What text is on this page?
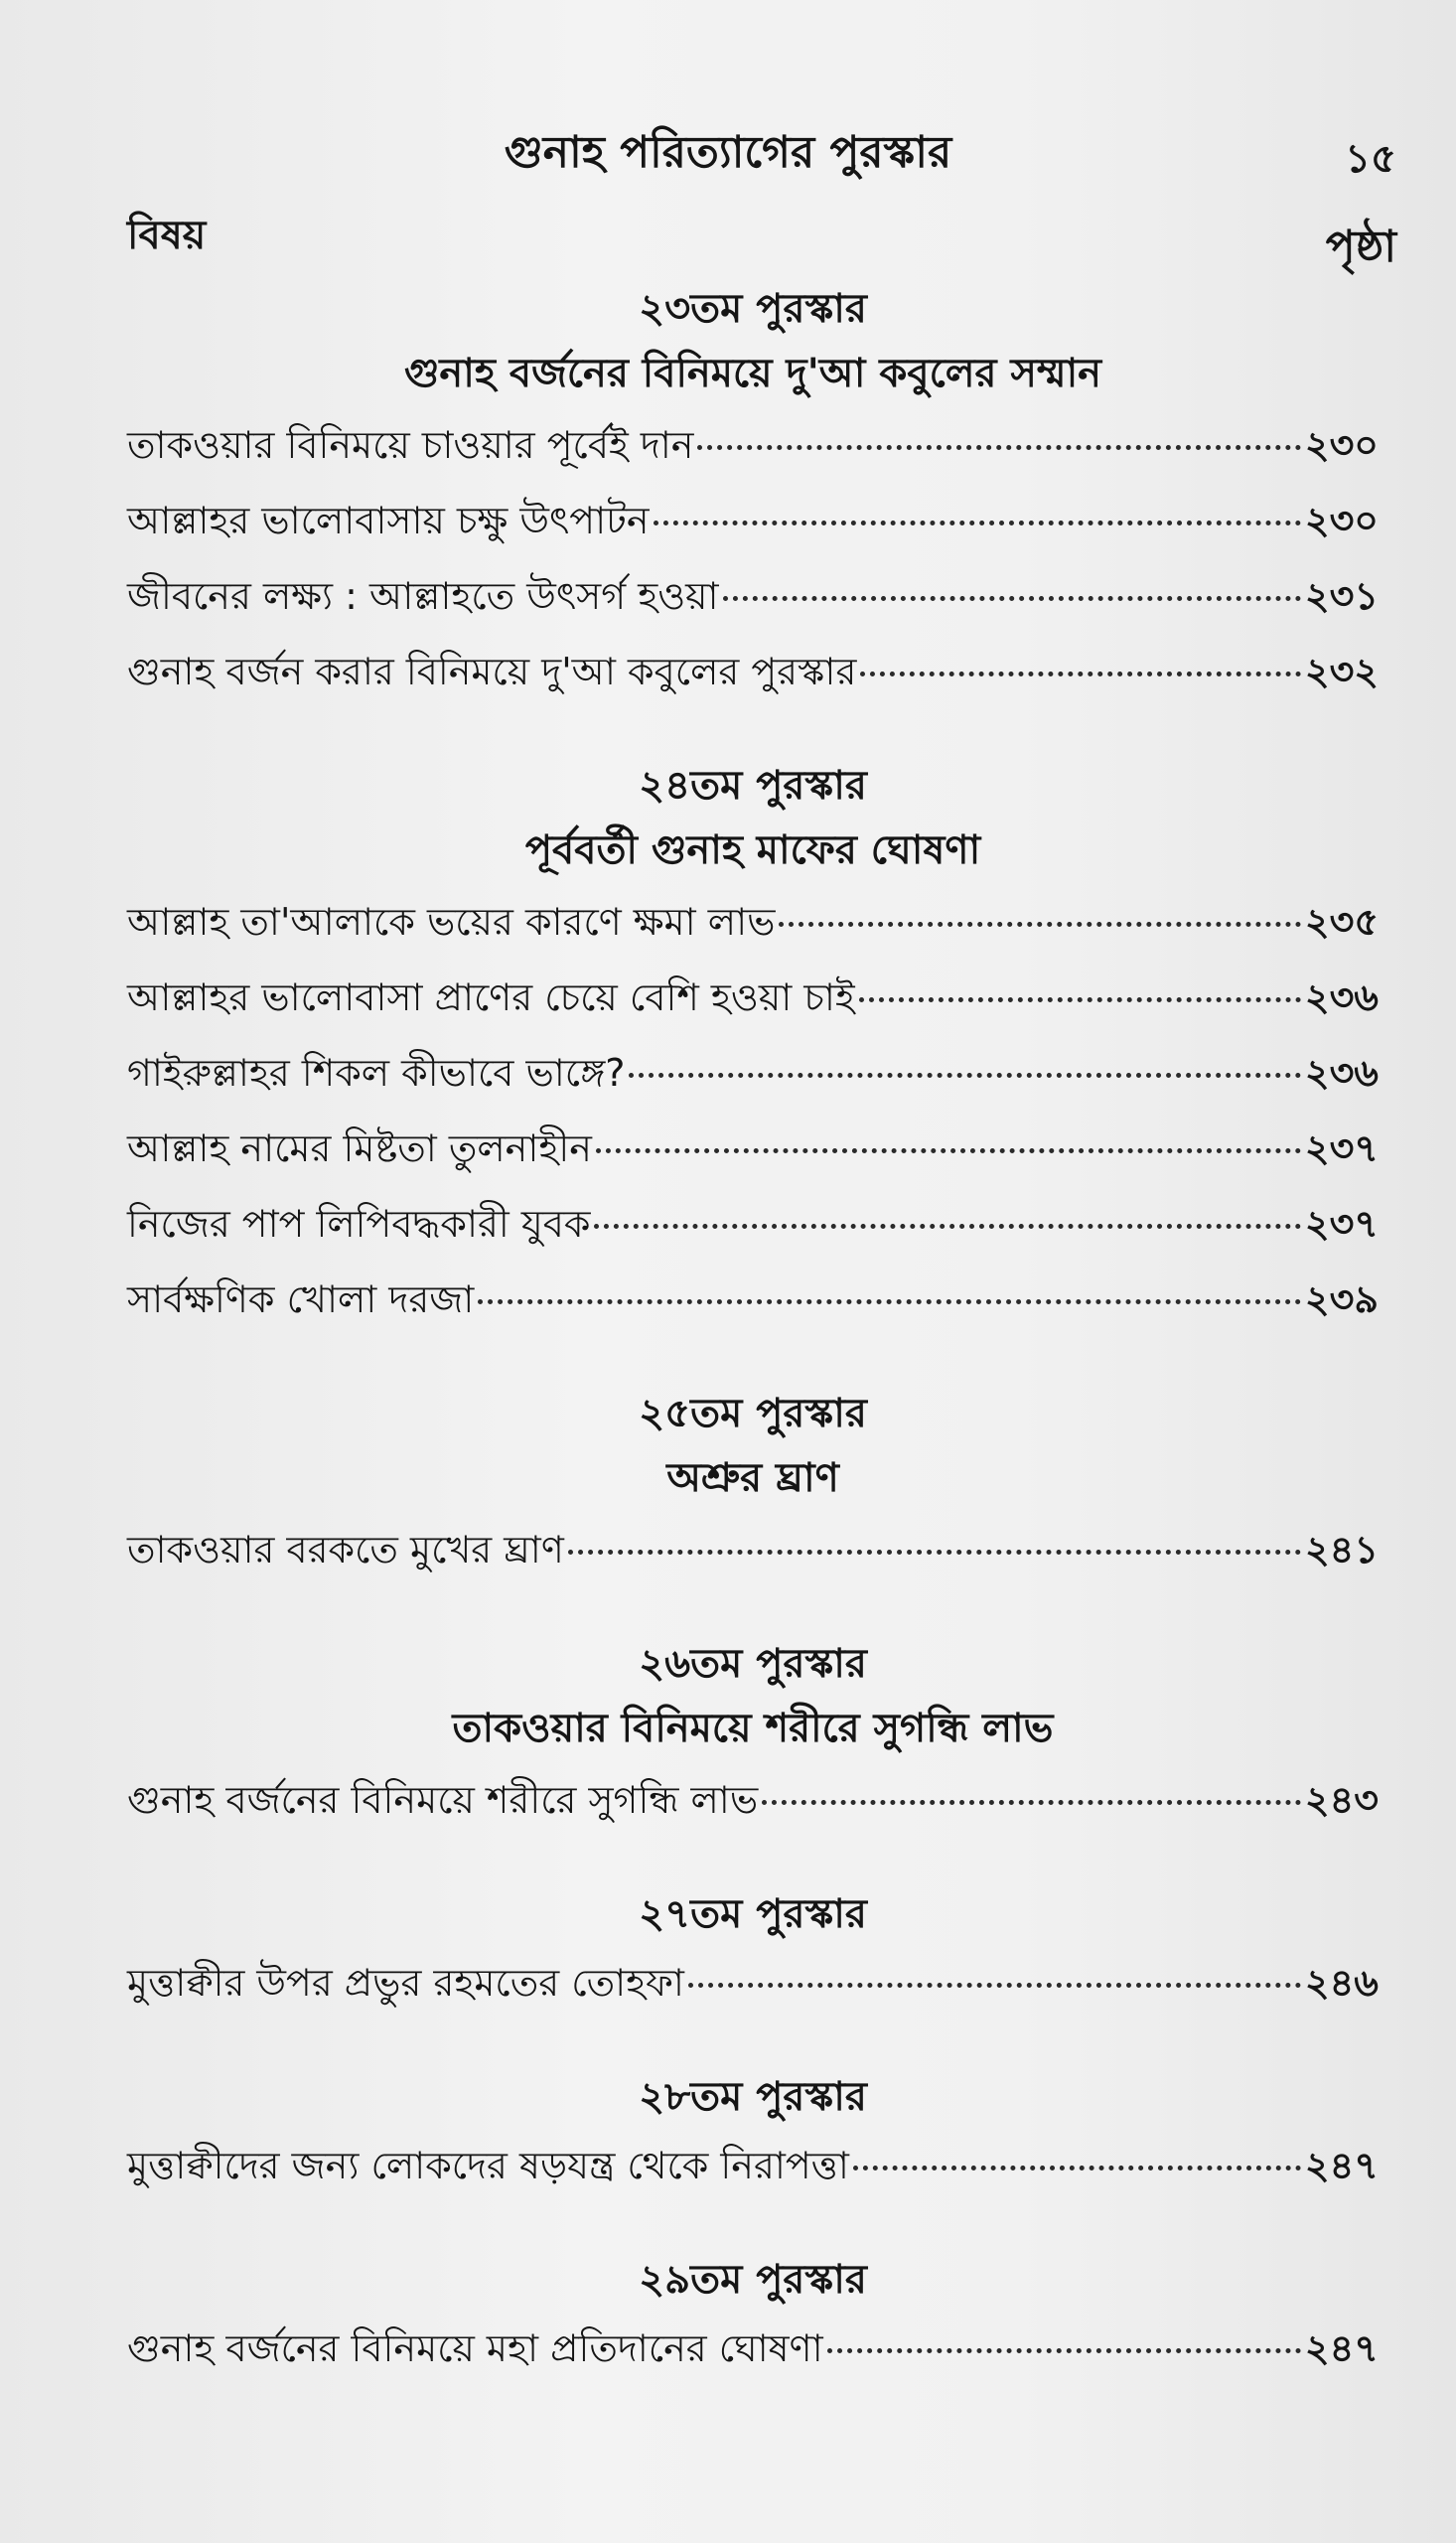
গুনাহ পরিত্যাগের পুরস্কার	১৫
বিষয়	পৃষ্ঠা
২৩তম পুরস্কার
গুনাহ বর্জনের বিনিময়ে দু'আ কবুলের সম্মান
তাকওয়ার বিনিময়ে চাওয়ার পূর্বেই দান	২৩০
আল্লাহর ভালোবাসায় চক্ষু উৎপাটন	২৩০
জীবনের লক্ষ্য : আল্লাহতে উৎসর্গ হওয়া	২৩১
গুনাহ বর্জন করার বিনিময়ে দু'আ কবুলের পুরস্কার	২৩২
২৪তম পুরস্কার
পূর্ববর্তী গুনাহ মাফের ঘোষণা
আল্লাহ তা'আলাকে ভয়ের কারণে ক্ষমা লাভ	২৩৫
আল্লাহর ভালোবাসা প্রাণের চেয়ে বেশি হওয়া চাই	২৩৬
গাইরুল্লাহর শিকল কীভাবে ভাঙ্গে?	২৩৬
আল্লাহ নামের মিষ্টতা তুলনাহীন	২৩৭
নিজের পাপ লিপিবদ্ধকারী যুবক	২৩৭
সার্বক্ষণিক খোলা দরজা	২৩৯
২৫তম পুরস্কার
অশ্রুর ঘ্রাণ
তাকওয়ার বরকতে মুখের ঘ্রাণ	২৪১
২৬তম পুরস্কার
তাকওয়ার বিনিময়ে শরীরে সুগন্ধি লাভ
গুনাহ বর্জনের বিনিময়ে শরীরে সুগন্ধি লাভ	২৪৩
২৭তম পুরস্কার
মুত্তাক্বীর উপর প্রভুর রহমতের তোহফা	২৪৬
২৮তম পুরস্কার
মুত্তাক্বীদের জন্য লোকদের ষড়যন্ত্র থেকে নিরাপত্তা	২৪৭
২৯তম পুরস্কার
গুনাহ বর্জনের বিনিময়ে মহা প্রতিদানের ঘোষণা	২৪৭
